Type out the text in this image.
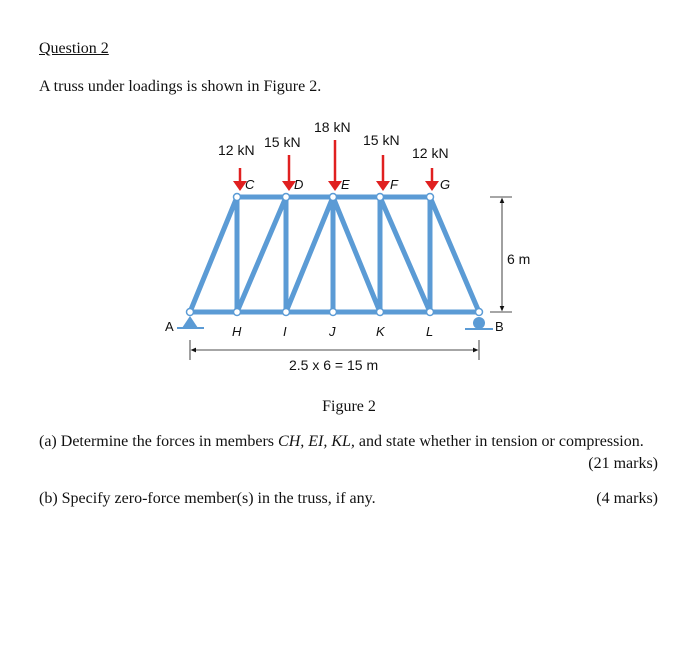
Question 2
A truss under loadings is shown in Figure 2.
12 kN 15 kN
18 kN
15 kN
12 kN
C	D	E	F	G
A	H	I	J	K	L	B
6 m
2.5 x 6 = 15 m
Figure 2
(a) Determine the forces in members CH, EI, KL, and state whether in tension or compression.
(21 marks)
(b) Specify zero-force member(s) in the truss, if any.	(4 marks)
